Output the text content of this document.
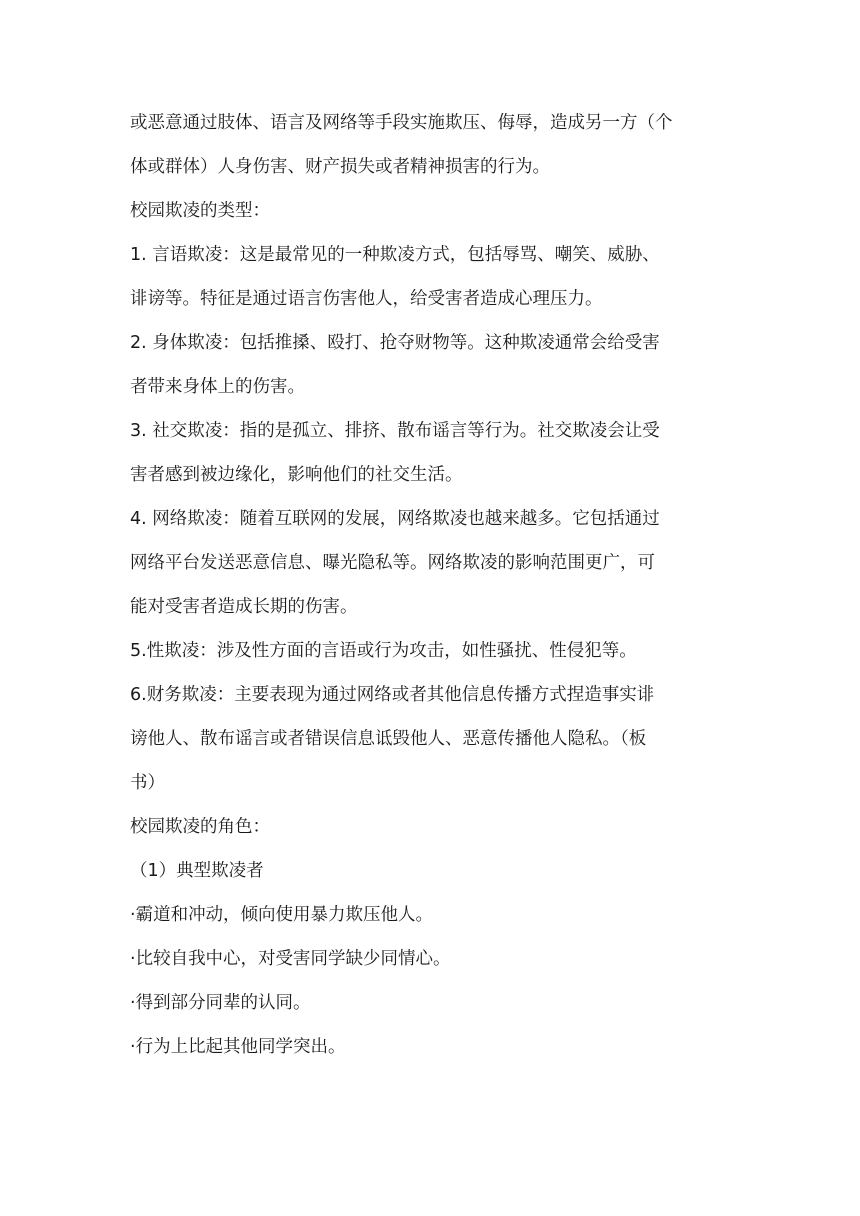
或恶意通过肢体、语言及网络等手段实施欺压、侮辱，造成另一方（个
体或群体）人身伤害、财产损失或者精神损害的行为。
校园欺凌的类型：
1. 言语欺凌：这是最常见的一种欺凌方式，包括辱骂、嘲笑、威胁、
诽谤等。特征是通过语言伤害他人，给受害者造成心理压力。
2. 身体欺凌：包括推搡、殴打、抢夺财物等。这种欺凌通常会给受害
者带来身体上的伤害。
3. 社交欺凌：指的是孤立、排挤、散布谣言等行为。社交欺凌会让受
害者感到被边缘化，影响他们的社交生活。
4. 网络欺凌：随着互联网的发展，网络欺凌也越来越多。它包括通过
网络平台发送恶意信息、曝光隐私等。网络欺凌的影响范围更广，可
能对受害者造成长期的伤害。
5.性欺凌：涉及性方面的言语或行为攻击，如性骚扰、性侵犯等。
6.财务欺凌：主要表现为通过网络或者其他信息传播方式捏造事实诽
谤他人、散布谣言或者错误信息诋毁他人、恶意传播他人隐私。（板
书）
校园欺凌的角色：
（1）典型欺凌者
·霸道和冲动，倾向使用暴力欺压他人。
·比较自我中心，对受害同学缺少同情心。
·得到部分同辈的认同。
·行为上比起其他同学突出。
